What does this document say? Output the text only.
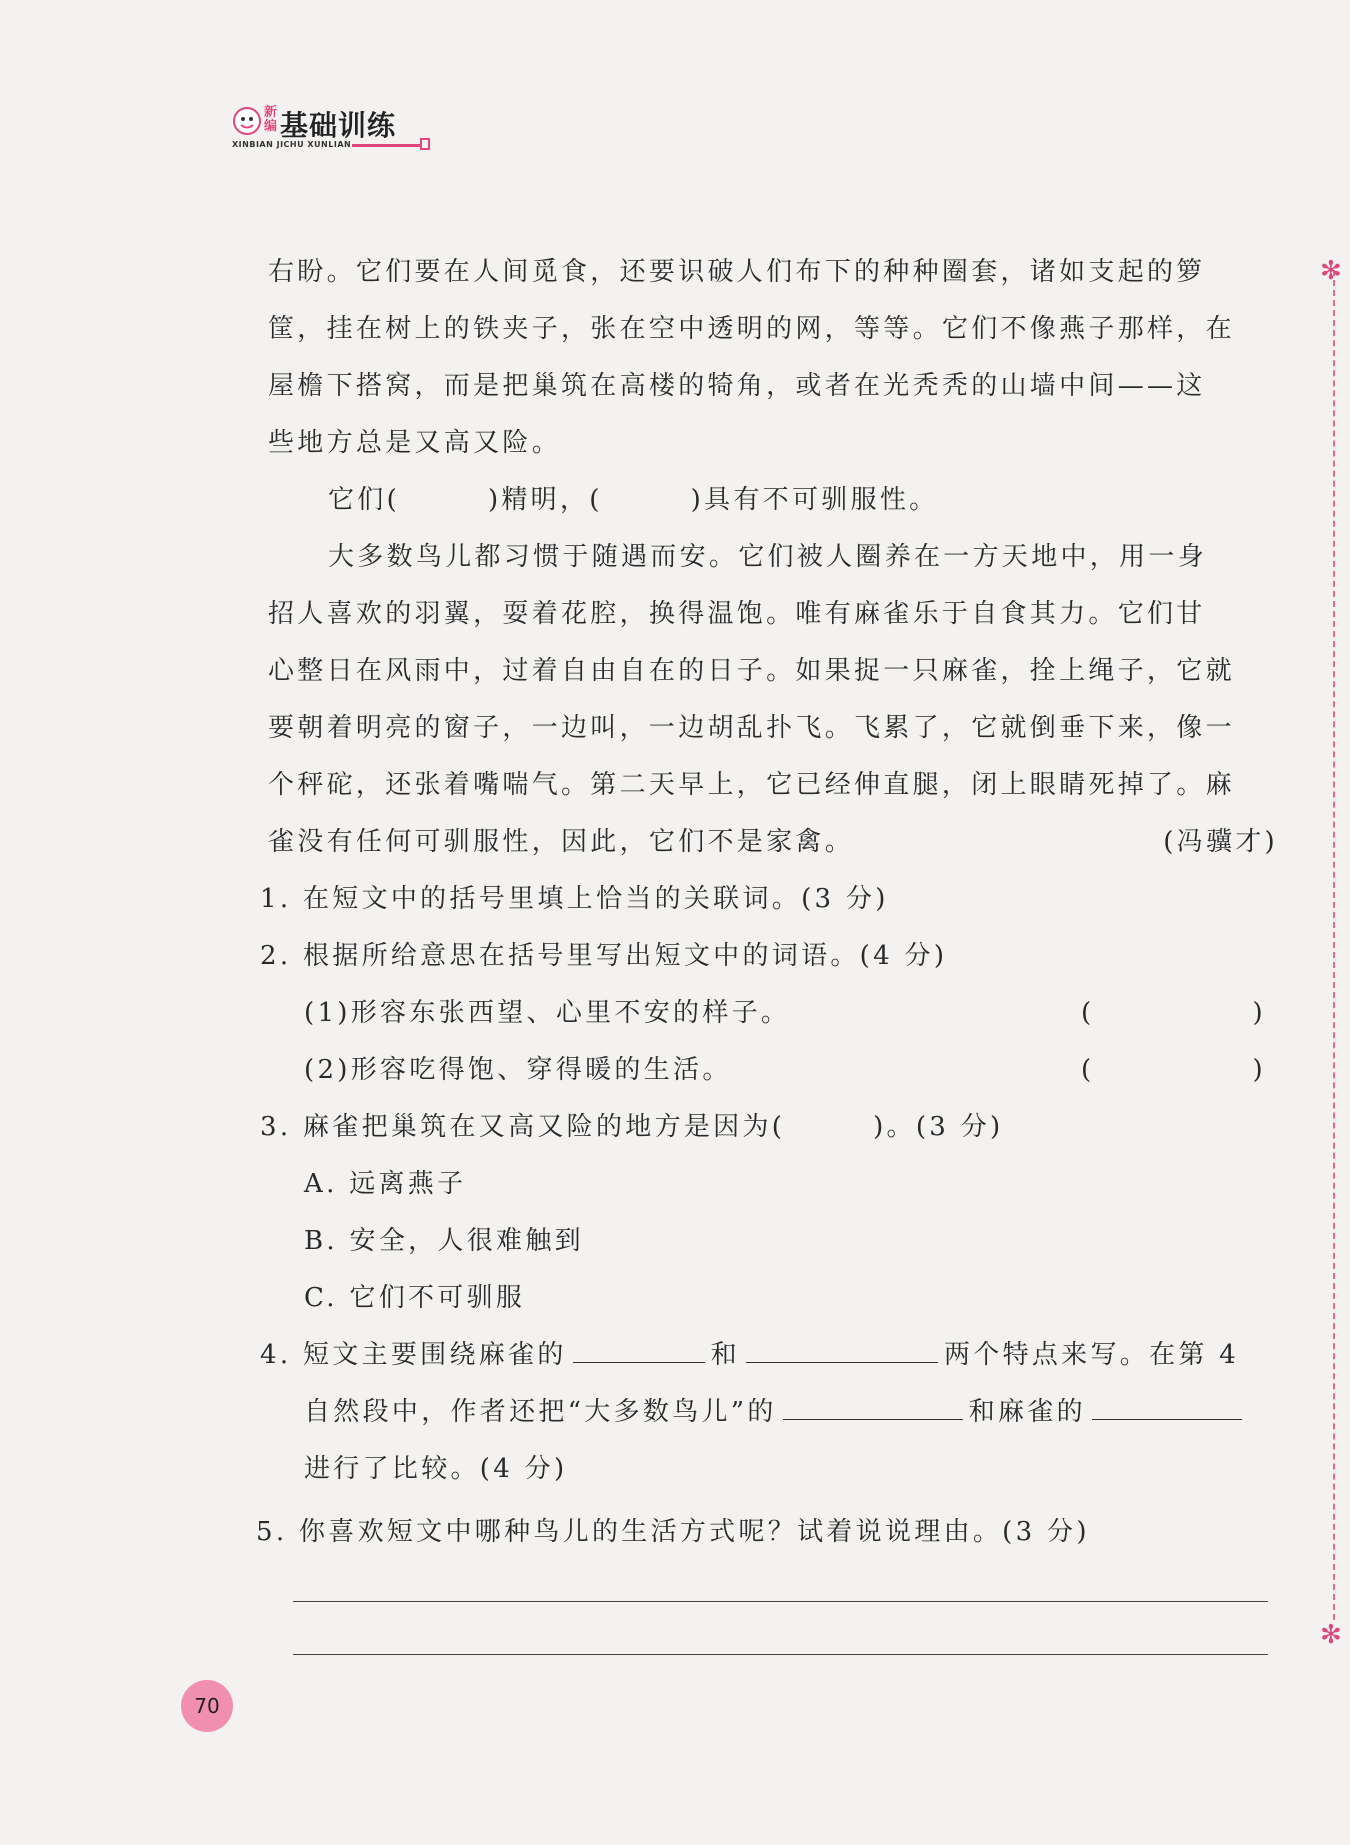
新编 基础训练
XINBIAN JICHU XUNLIAN

右盼。它们要在人间觅食，还要识破人们布下的种种圈套，诸如支起的箩

筐，挂在树上的铁夹子，张在空中透明的网，等等。它们不像燕子那样，在

屋檐下搭窝，而是把巢筑在高楼的犄角，或者在光秃秃的山墙中间——这

些地方总是又高又险。

它们(　　　)精明，(　　　)具有不可驯服性。

大多数鸟儿都习惯于随遇而安。它们被人圈养在一方天地中，用一身

招人喜欢的羽翼，耍着花腔，换得温饱。唯有麻雀乐于自食其力。它们甘

心整日在风雨中，过着自由自在的日子。如果捉一只麻雀，拴上绳子，它就

要朝着明亮的窗子，一边叫，一边胡乱扑飞。飞累了，它就倒垂下来，像一

个秤砣，还张着嘴喘气。第二天早上，它已经伸直腿，闭上眼睛死掉了。麻

雀没有任何可驯服性，因此，它们不是家禽。	(冯骥才)

1. 在短文中的括号里填上恰当的关联词。(3 分)

2. 根据所给意思在括号里写出短文中的词语。(4 分)

(1)形容东张西望、心里不安的样子。	(	)
(2)形容吃得饱、穿得暖的生活。	(	)

3. 麻雀把巢筑在又高又险的地方是因为(　　　)。(3 分)

A. 远离燕子

B. 安全，人很难触到

C. 它们不可驯服

4. 短文主要围绕麻雀的	和	两个特点来写。在第 4
自然段中，作者还把“大多数鸟儿”的	和麻雀的

进行了比较。(4 分)

5. 你喜欢短文中哪种鸟儿的生活方式呢？试着说说理由。(3 分)

✻
✻
70
